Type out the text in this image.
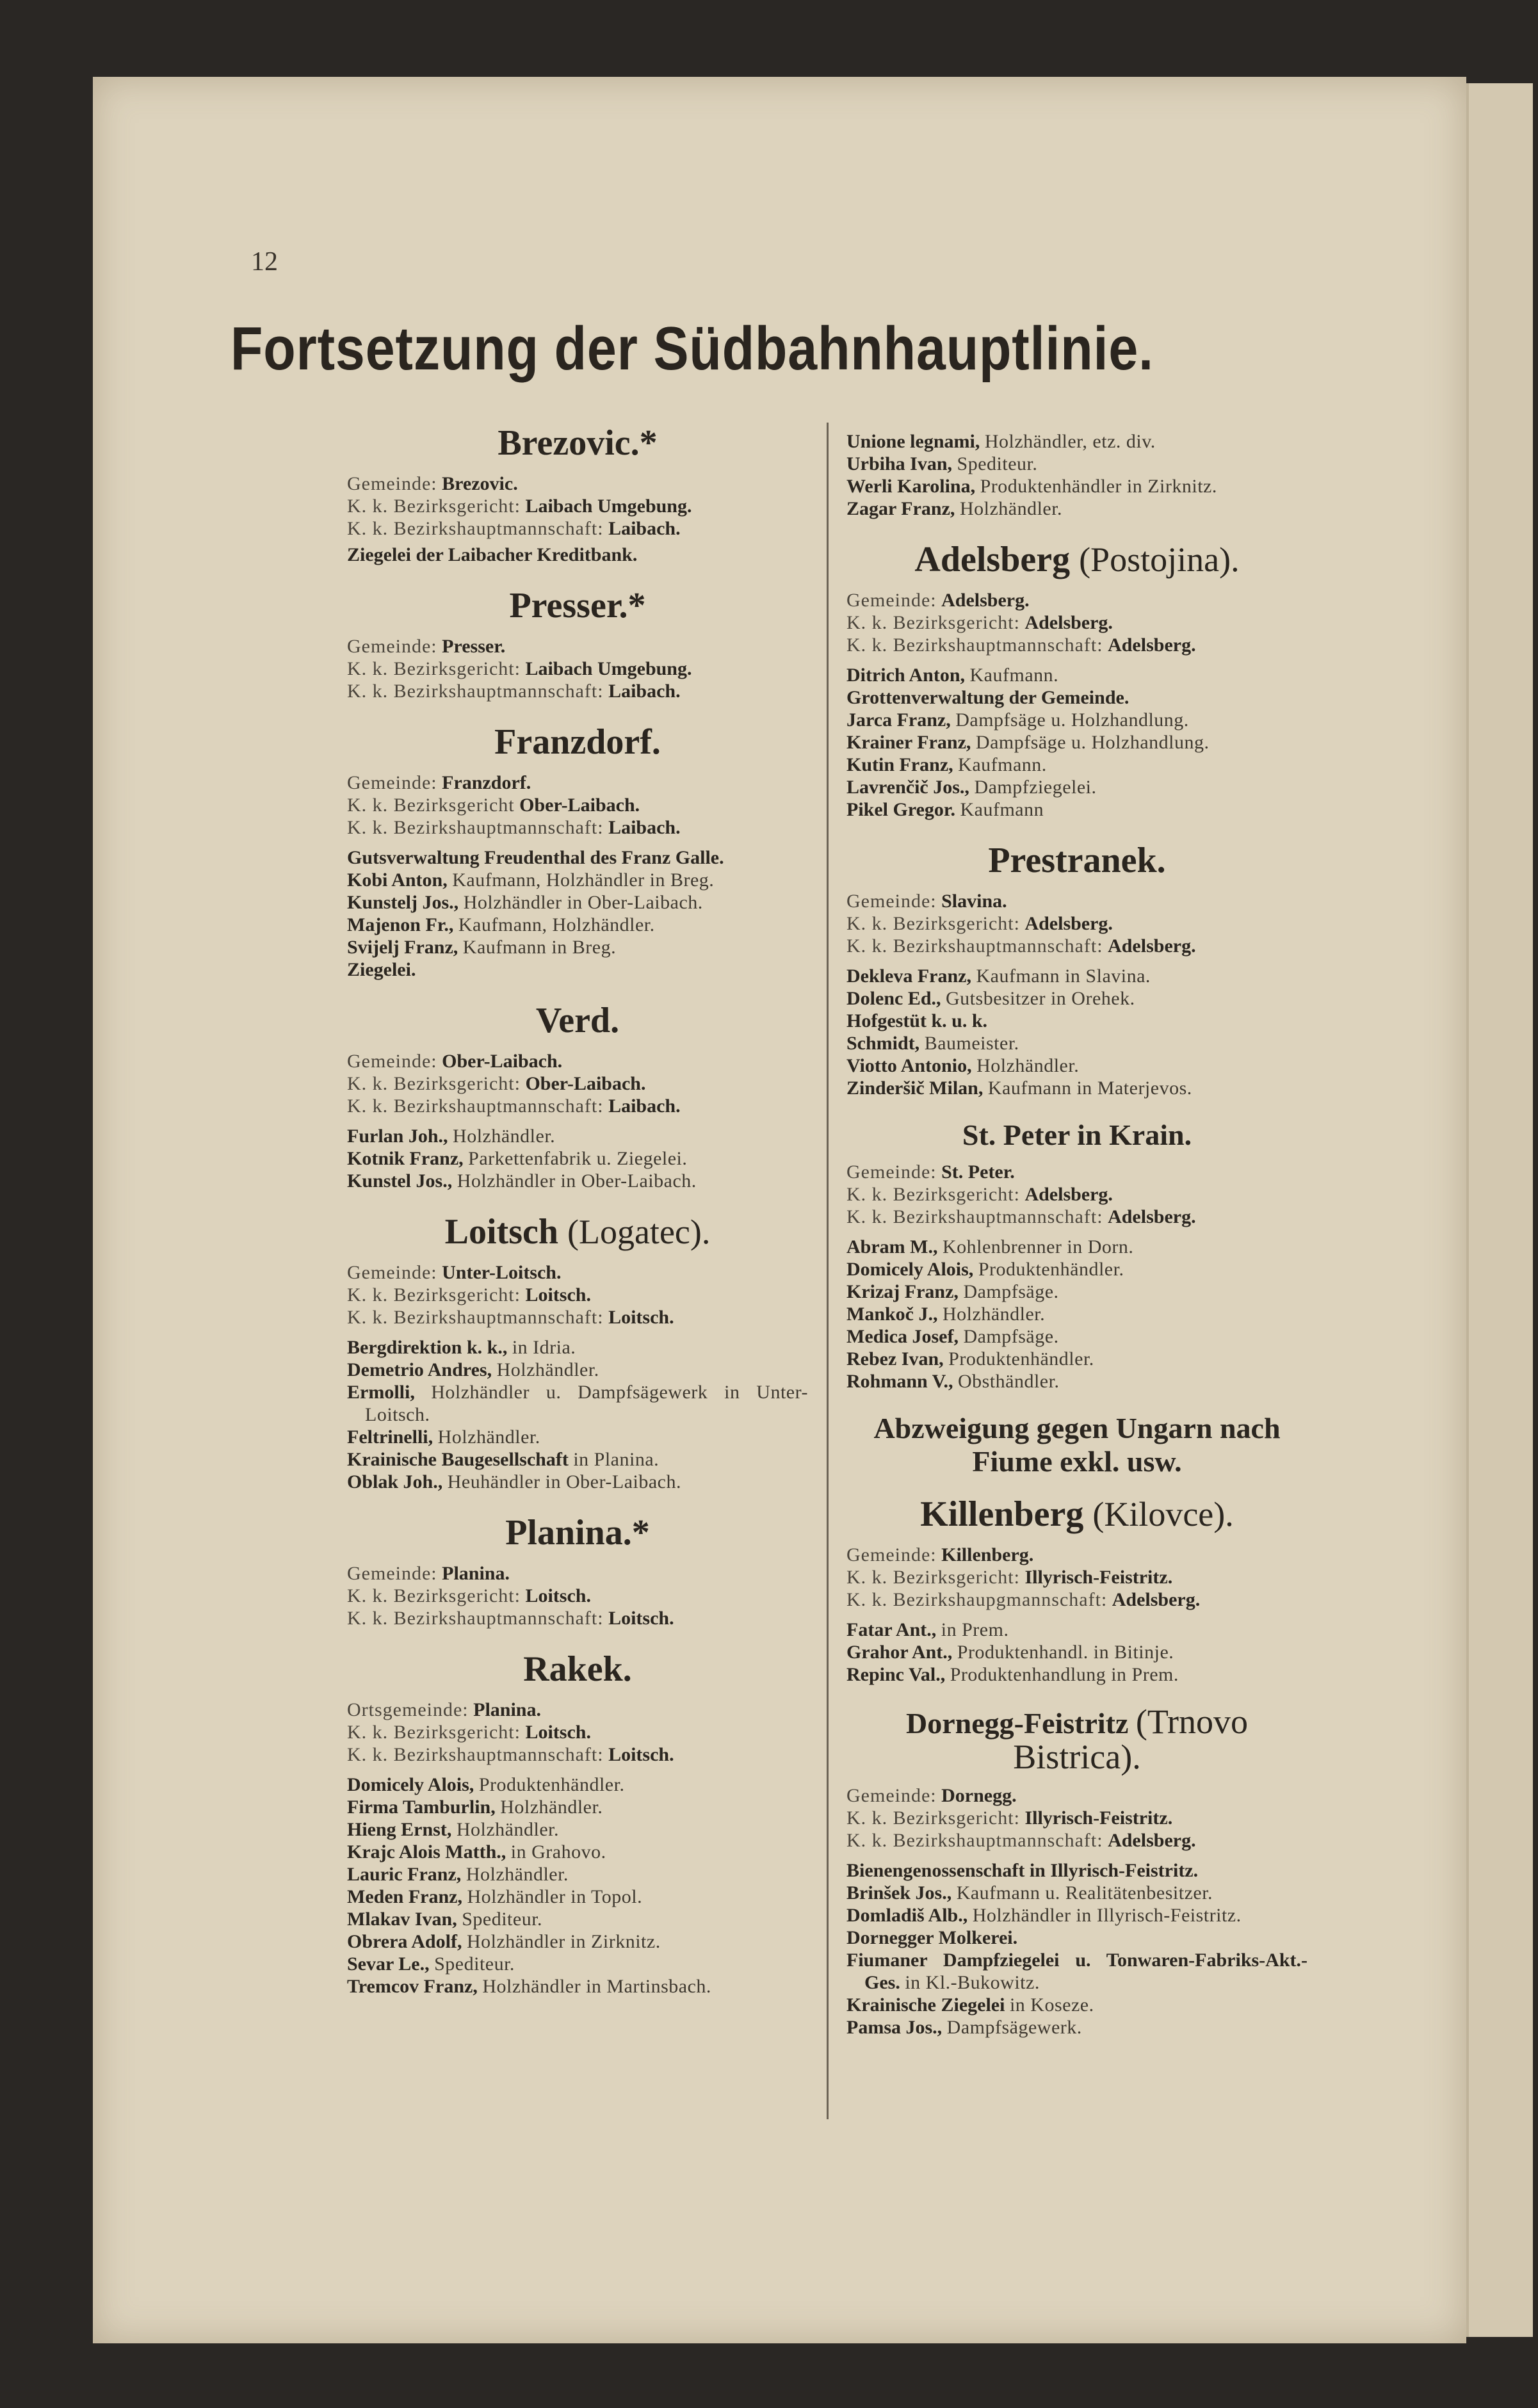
12
Fortsetzung der Südbahnhauptlinie.
Brezovic.*

Gemeinde: Brezovic.

K. k. Bezirksgericht: Laibach Umgebung.

K. k. Bezirkshauptmannschaft: Laibach.

Ziegelei der Laibacher Kreditbank.

Presser.*

Gemeinde: Presser.

K. k. Bezirksgericht: Laibach Umgebung.

K. k. Bezirkshauptmannschaft: Laibach.

Franzdorf.

Gemeinde: Franzdorf.

K. k. Bezirksgericht Ober-Laibach.

K. k. Bezirkshauptmannschaft: Laibach.

Gutsverwaltung Freudenthal des Franz Galle.

Kobi Anton, Kaufmann, Holzhändler in Breg.

Kunstelj Jos., Holzhändler in Ober-Laibach.

Majenon Fr., Kaufmann, Holzhändler.

Svijelj Franz, Kaufmann in Breg.

Ziegelei.

Verd.

Gemeinde: Ober-Laibach.

K. k. Bezirksgericht: Ober-Laibach.

K. k. Bezirkshauptmannschaft: Laibach.

Furlan Joh., Holzhändler.

Kotnik Franz, Parkettenfabrik u. Ziegelei.

Kunstel Jos., Holzhändler in Ober-Laibach.

Loitsch (Logatec).

Gemeinde: Unter-Loitsch.

K. k. Bezirksgericht: Loitsch.

K. k. Bezirkshauptmannschaft: Loitsch.

Bergdirektion k. k., in Idria.

Demetrio Andres, Holzhändler.

Ermolli, Holzhändler u. Dampfsägewerk in Unter-Loitsch.

Feltrinelli, Holzhändler.

Krainische Baugesellschaft in Planina.

Oblak Joh., Heuhändler in Ober-Laibach.

Planina.*

Gemeinde: Planina.

K. k. Bezirksgericht: Loitsch.

K. k. Bezirkshauptmannschaft: Loitsch.

Rakek.

Ortsgemeinde: Planina.

K. k. Bezirksgericht: Loitsch.

K. k. Bezirkshauptmannschaft: Loitsch.

Domicely Alois, Produktenhändler.

Firma Tamburlin, Holzhändler.

Hieng Ernst, Holzhändler.

Krajc Alois Matth., in Grahovo.

Lauric Franz, Holzhändler.

Meden Franz, Holzhändler in Topol.

Mlakav Ivan, Spediteur.

Obrera Adolf, Holzhändler in Zirknitz.

Sevar Le., Spediteur.

Tremcov Franz, Holzhändler in Martinsbach.

Unione legnami, Holzhändler, etz. div.

Urbiha Ivan, Spediteur.

Werli Karolina, Produktenhändler in Zirknitz.

Zagar Franz, Holzhändler.

Adelsberg (Postojina).

Gemeinde: Adelsberg.

K. k. Bezirksgericht: Adelsberg.

K. k. Bezirkshauptmannschaft: Adelsberg.

Ditrich Anton, Kaufmann.

Grottenverwaltung der Gemeinde.

Jarca Franz, Dampfsäge u. Holzhandlung.

Krainer Franz, Dampfsäge u. Holzhandlung.

Kutin Franz, Kaufmann.

Lavrenčič Jos., Dampfziegelei.

Pikel Gregor. Kaufmann

Prestranek.

Gemeinde: Slavina.

K. k. Bezirksgericht: Adelsberg.

K. k. Bezirkshauptmannschaft: Adelsberg.

Dekleva Franz, Kaufmann in Slavina.

Dolenc Ed., Gutsbesitzer in Orehek.

Hofgestüt k. u. k.

Schmidt, Baumeister.

Viotto Antonio, Holzhändler.

Zinderšič Milan, Kaufmann in Materjevos.

St. Peter in Krain.

Gemeinde: St. Peter.

K. k. Bezirksgericht: Adelsberg.

K. k. Bezirkshauptmannschaft: Adelsberg.

Abram M., Kohlenbrenner in Dorn.

Domicely Alois, Produktenhändler.

Krizaj Franz, Dampfsäge.

Mankoč J., Holzhändler.

Medica Josef, Dampfsäge.

Rebez Ivan, Produktenhändler.

Rohmann V., Obsthändler.

Abzweigung gegen Ungarn nach Fiume exkl. usw.
Killenberg (Kilovce).

Gemeinde: Killenberg.

K. k. Bezirksgericht: Illyrisch-Feistritz.

K. k. Bezirkshaupgmannschaft: Adelsberg.

Fatar Ant., in Prem.

Grahor Ant., Produktenhandl. in Bitinje.

Repinc Val., Produktenhandlung in Prem.

Dornegg-Feistritz (Trnovo Bistrica).

Gemeinde: Dornegg.

K. k. Bezirksgericht: Illyrisch-Feistritz.

K. k. Bezirkshauptmannschaft: Adelsberg.

Bienengenossenschaft in Illyrisch-Feistritz.

Brinšek Jos., Kaufmann u. Realitätenbesitzer.

Domladiš Alb., Holzhändler in Illyrisch-Feistritz.

Dornegger Molkerei.

Fiumaner Dampfziegelei u. Tonwaren-Fabriks-Akt.-Ges. in Kl.-Bukowitz.

Krainische Ziegelei in Koseze.

Pamsa Jos., Dampfsägewerk.
